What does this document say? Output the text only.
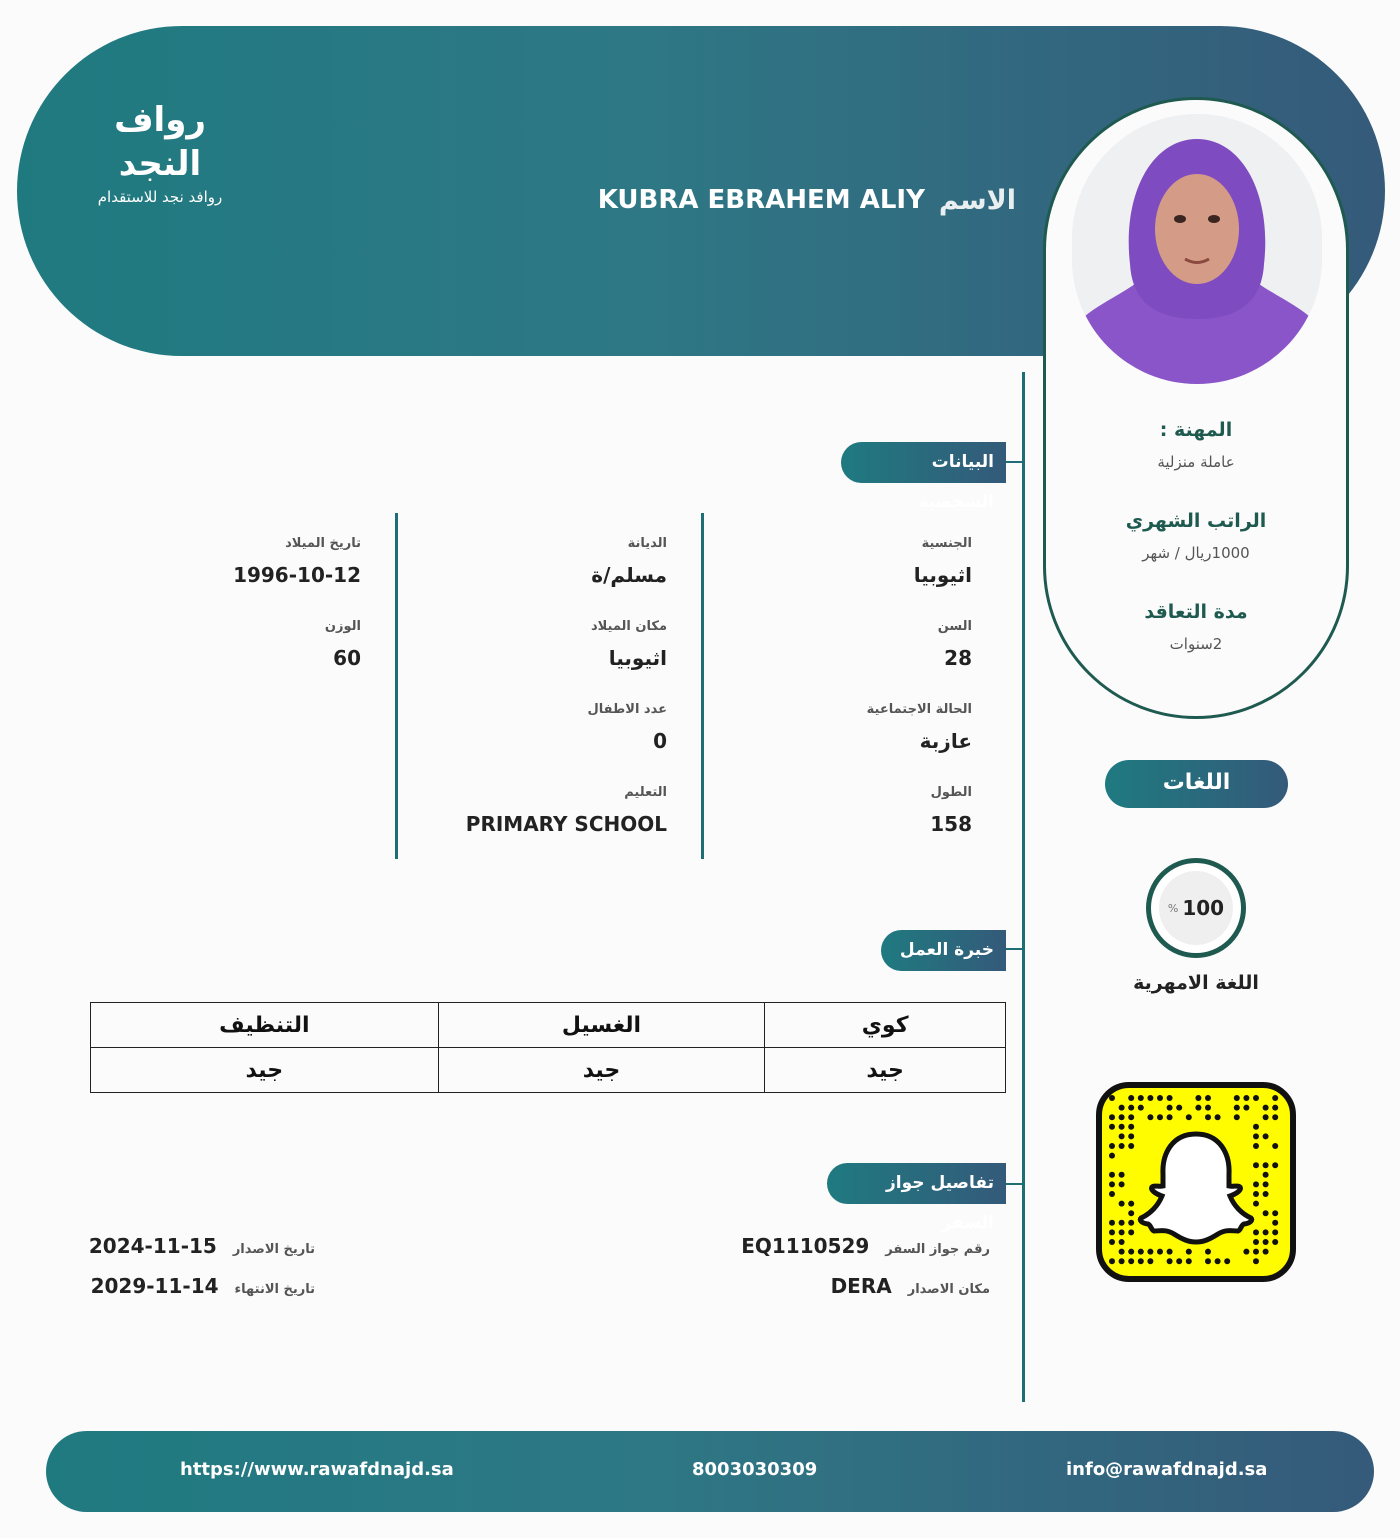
رواف النجد
روافد نجد للاستقدام	الاسم
KUBRA EBRAHEM ALIY
المهنة :
عاملة منزلية
الراتب الشهري
1000ريال / شهر
مدة التعاقد
2سنوات
اللغات
% 100
اللغة الامهرية
البيانات الشخصية
الجنسية
اثيوبيا
السن
28
الحالة الاجتماعية
عازبة
الطول
158
الديانة
مسلم/ة
مكان الميلاد
اثيوبيا
عدد الاطفال
0
التعليم
PRIMARY SCHOOL
تاريخ الميلاد
1996-10-12
الوزن
60
خبرة العمل
كوي	الغسيل	التنظيف
جيد	جيد	جيد
تفاصيل جواز السفر
رقم جواز السفر
EQ1110529
مكان الاصدار
DERA
تاريخ الاصدار
2024-11-15
تاريخ الانتهاء
2029-11-14
https://www.rawafdnajd.sa	8003030309	info@rawafdnajd.sa
